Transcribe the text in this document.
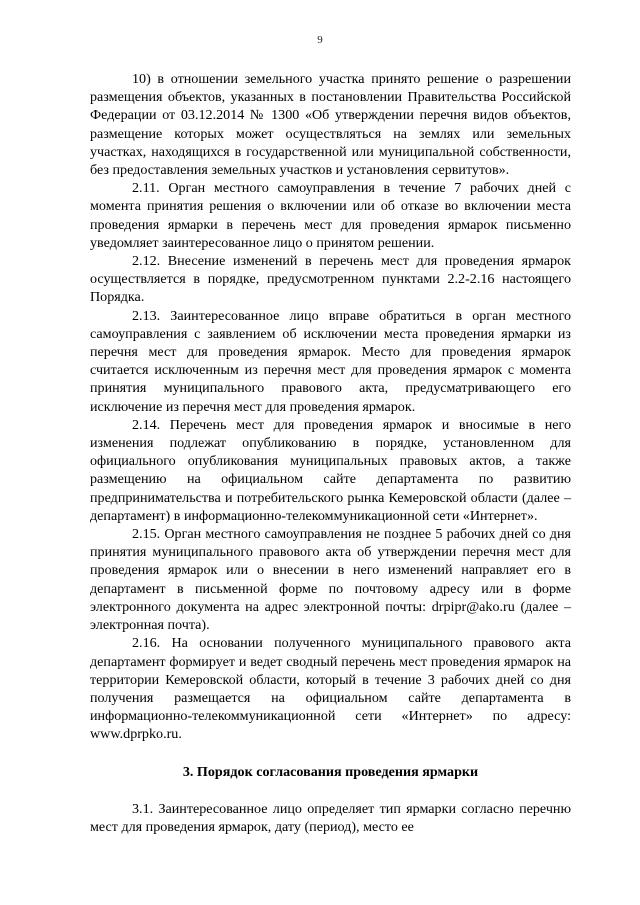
9

10) в отношении земельного участка принято решение о разрешении размещения объектов, указанных в постановлении Правительства Российской Федерации от 03.12.2014 № 1300 «Об утверждении перечня видов объектов, размещение которых может осуществляться на землях или земельных участках, находящихся в государственной или муниципальной собственности, без предоставления земельных участков и установления сервитутов».

2.11. Орган местного самоуправления в течение 7 рабочих дней с момента принятия решения о включении или об отказе во включении места проведения ярмарки в перечень мест для проведения ярмарок письменно уведомляет заинтересованное лицо о принятом решении.

2.12. Внесение изменений в перечень мест для проведения ярмарок осуществляется в порядке, предусмотренном пунктами 2.2-2.16 настоящего Порядка.

2.13. Заинтересованное лицо вправе обратиться в орган местного самоуправления с заявлением об исключении места проведения ярмарки из перечня мест для проведения ярмарок. Место для проведения ярмарок считается исключенным из перечня мест для проведения ярмарок с момента принятия муниципального правового акта, предусматривающего его исключение из перечня мест для проведения ярмарок.

2.14. Перечень мест для проведения ярмарок и вносимые в него изменения подлежат опубликованию в порядке, установленном для официального опубликования муниципальных правовых актов, а также размещению на официальном сайте департамента по развитию предпринимательства и потребительского рынка Кемеровской области (далее – департамент) в информационно-телекоммуникационной сети «Интернет».

2.15. Орган местного самоуправления не позднее 5 рабочих дней со дня принятия муниципального правового акта об утверждении перечня мест для проведения ярмарок или о внесении в него изменений направляет его в департамент в письменной форме по почтовому адресу или в форме электронного документа на адрес электронной почты: drpipr@ako.ru (далее – электронная почта).

2.16. На основании полученного муниципального правового акта департамент формирует и ведет сводный перечень мест проведения ярмарок на территории Кемеровской области, который в течение 3 рабочих дней со дня получения размещается на официальном сайте департамента в информационно-телекоммуникационной сети «Интернет» по адресу: www.dprpko.ru.

3. Порядок согласования проведения ярмарки

3.1. Заинтересованное лицо определяет тип ярмарки согласно перечню мест для проведения ярмарок, дату (период), место ее
